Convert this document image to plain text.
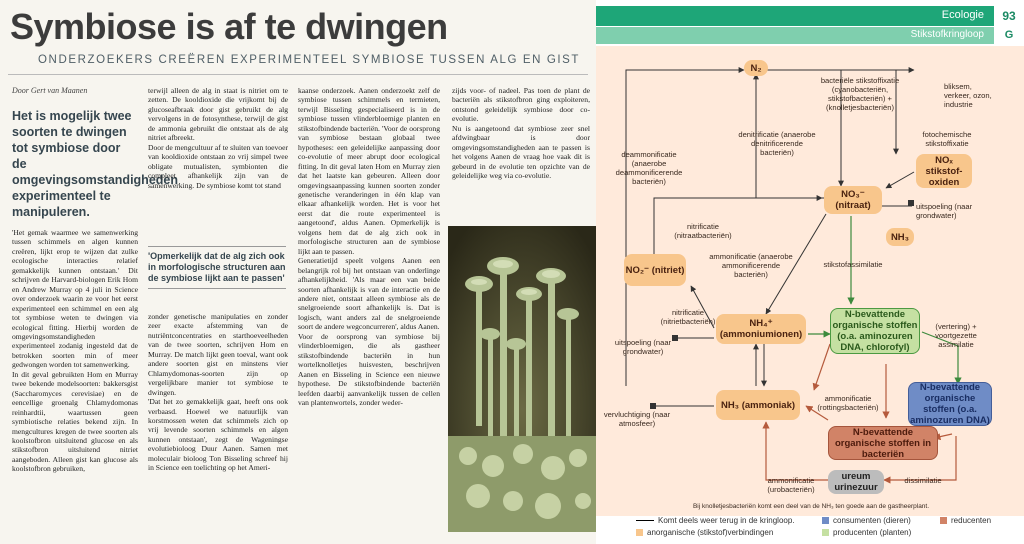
Symbiose is af te dwingen
ONDERZOEKERS CREËREN EXPERIMENTEEL SYMBIOSE TUSSEN ALG EN GIST
Door Gert van Maanen
Het is mogelijk twee soorten te dwingen tot symbiose door de omgevingsomstandigheden experimenteel te manipuleren.

'Het gemak waarmee we samenwerking tussen schimmels en algen kunnen creëren, lijkt erop te wijzen dat zulke ecologische interacties relatief gemakkelijk kunnen ontstaan.' Dit schrijven de Harvard-biologen Erik Hom en Andrew Murray op 4 juli in Science over onderzoek waarin ze voor het eerst experimenteel een schimmel en een alg tot symbiose weten te dwingen via ecological fitting. Hierbij worden de omgevingsomstandigheden experimenteel zodanig ingesteld dat de betrokken soorten min of meer gedwongen worden tot samenwerking.
In dit geval gebruikten Hom en Murray twee bekende modelsoorten: bakkersgist (Saccharomyces cerevisiae) en de eencellige groenalg Chlamydomonas reinhardtii, waartussen geen symbiotische relaties bekend zijn. In mengcultures kregen de twee soorten als koolstofbron uitsluitend glucose en als stikstofbron uitsluitend nitriet aangeboden. Alleen gist kan glucose als koolstofbron gebruiken,

terwijl alleen de alg in staat is nitriet om te zetten. De kooldioxide die vrijkomt bij de glucoseafbraak door gist gebruikt de alg vervolgens in de fotosynthese, terwijl de gist de ammonia gebruikt die ontstaat als de alg nitriet afbreekt.
Door de mengcultuur af te sluiten van toevoer van kooldioxide ontstaan zo vrij simpel twee obligate mutualisten, symbionten die compleet afhankelijk zijn van de samenwerking. De symbiose komt tot stand

'Opmerkelijk dat de alg zich ook in morfologische structuren aan de symbiose lijkt aan te passen'

zonder genetische manipulaties en zonder zeer exacte afstemming van de nutriëntconcentraties en starthoeveelheden van de twee soorten, schrijven Hom en Murray. De match lijkt geen toeval, want ook andere soorten gist en minstens vier Chlamydomonas-soorten zijn op vergelijkbare manier tot symbiose te dwingen.
'Dat het zo gemakkelijk gaat, heeft ons ook verbaasd. Hoewel we natuurlijk van korstmossen weten dat schimmels zich op vrij levende soorten schimmels en algen kunnen ontstaan', zegt de Wageningse evolutiebioloog Duur Aanen. Samen met moleculair bioloog Ton Bisseling schreef hij in Science een toelichting op het Ameri-

kaanse onderzoek. Aanen onderzoekt zelf de symbiose tussen schimmels en termieten, terwijl Bisseling gespecialiseerd is in de symbiose tussen vlinderbloemige planten en stikstofbindende bacteriën. 'Voor de oorsprong van symbiose bestaan globaal twee hypotheses: een geleidelijke aanpassing door co-evolutie of meer abrupt door ecological fitting. In dit geval laten Hom en Murray zien dat het laatste kan gebeuren. Alleen door omgevingsaanpassing kunnen soorten zonder genetische veranderingen in één klap van elkaar afhankelijk worden. Het is voor het eerst dat die route experimenteel is aangetoond', aldus Aanen. Opmerkelijk is volgens hem dat de alg zich ook in morfologische structuren aan de symbiose lijkt aan te passen.
Generatietijd speelt volgens Aanen een belangrijk rol bij het ontstaan van onderlinge afhankelijkheid. 'Als maar een van beide soorten afhankelijk is van de interactie en de andere niet, ontstaat alleen symbiose als de snelgroeiende soort afhankelijk is. Dat is logisch, want anders zal de snelgroeiende soort de andere wegconcurreren', aldus Aanen.
Voor de oorsprong van symbiose bij vlinderbloemigen, die als gastheer stikstofbindende bacteriën in hun wortelknolletjes huisvesten, beschrijven Aanen en Bisseling in Science een nieuwe hypothese. De stikstofbindende bacteriën leefden daarbij aanvankelijk tussen de cellen van plantenwortels, zonder weder-

zijds voor- of nadeel. Pas toen de plant de bacteriën als stikstofbron ging exploiteren, ontstond geleidelijk symbiose door co-evolutie.
Nu is aangetoond dat symbiose zeer snel afdwingbaar is door omgevingsomstandigheden aan te passen is het volgens Aanen de vraag hoe vaak dit is gebeurd in de evolutie ten opzichte van de geleidelijke weg via co-evolutie.

Ecologie	93
Stikstofkringloop	G
N₂
NOₓ stikstof-oxiden
NO₃⁻ (nitraat)
NH₃
NO₂⁻ (nitriet)
NH₄⁺ (ammoniumionen)
N-bevattende organische stoffen (o.a. aminozuren DNA, chlorofyl)
N-bevattende organische stoffen (o.a. aminozuren DNA)
NH₃ (ammoniak)
N-bevattende organische stoffen in bacteriën
ureum urinezuur
bacteriële stikstoffixatie (cyanobacteriën, stikstofbacteriën) + (knolletjesbacteriën)
bliksem, verkeer, ozon, industrie
fotochemische stikstoffixatie
denitrificatie (anaerobe denitrificerende bacteriën)
deammonificatie (anaerobe deammonificerende bacteriën)
nitrificatie (nitraatbacteriën)
uitspoeling (naar grondwater)
ammonificatie (anaerobe ammonificerende bacteriën)
stikstofassimilatie
nitrificatie (nitrietbacteriën)
uitspoeling (naar grondwater)
(vertering) + voortgezette assimilatie
ammonificatie (rottingsbacteriën)
vervluchtiging (naar atmosfeer)
ammonificatie (urobacteriën)
dissimilatie
Bij knolletjesbacteriën komt een deel van de NH₃ ten goede aan de gastheerplant.
Komt deels weer terug in de kringloop.
anorganische (stikstof)verbindingen
consumenten (dieren)
producenten (planten)
reducenten
